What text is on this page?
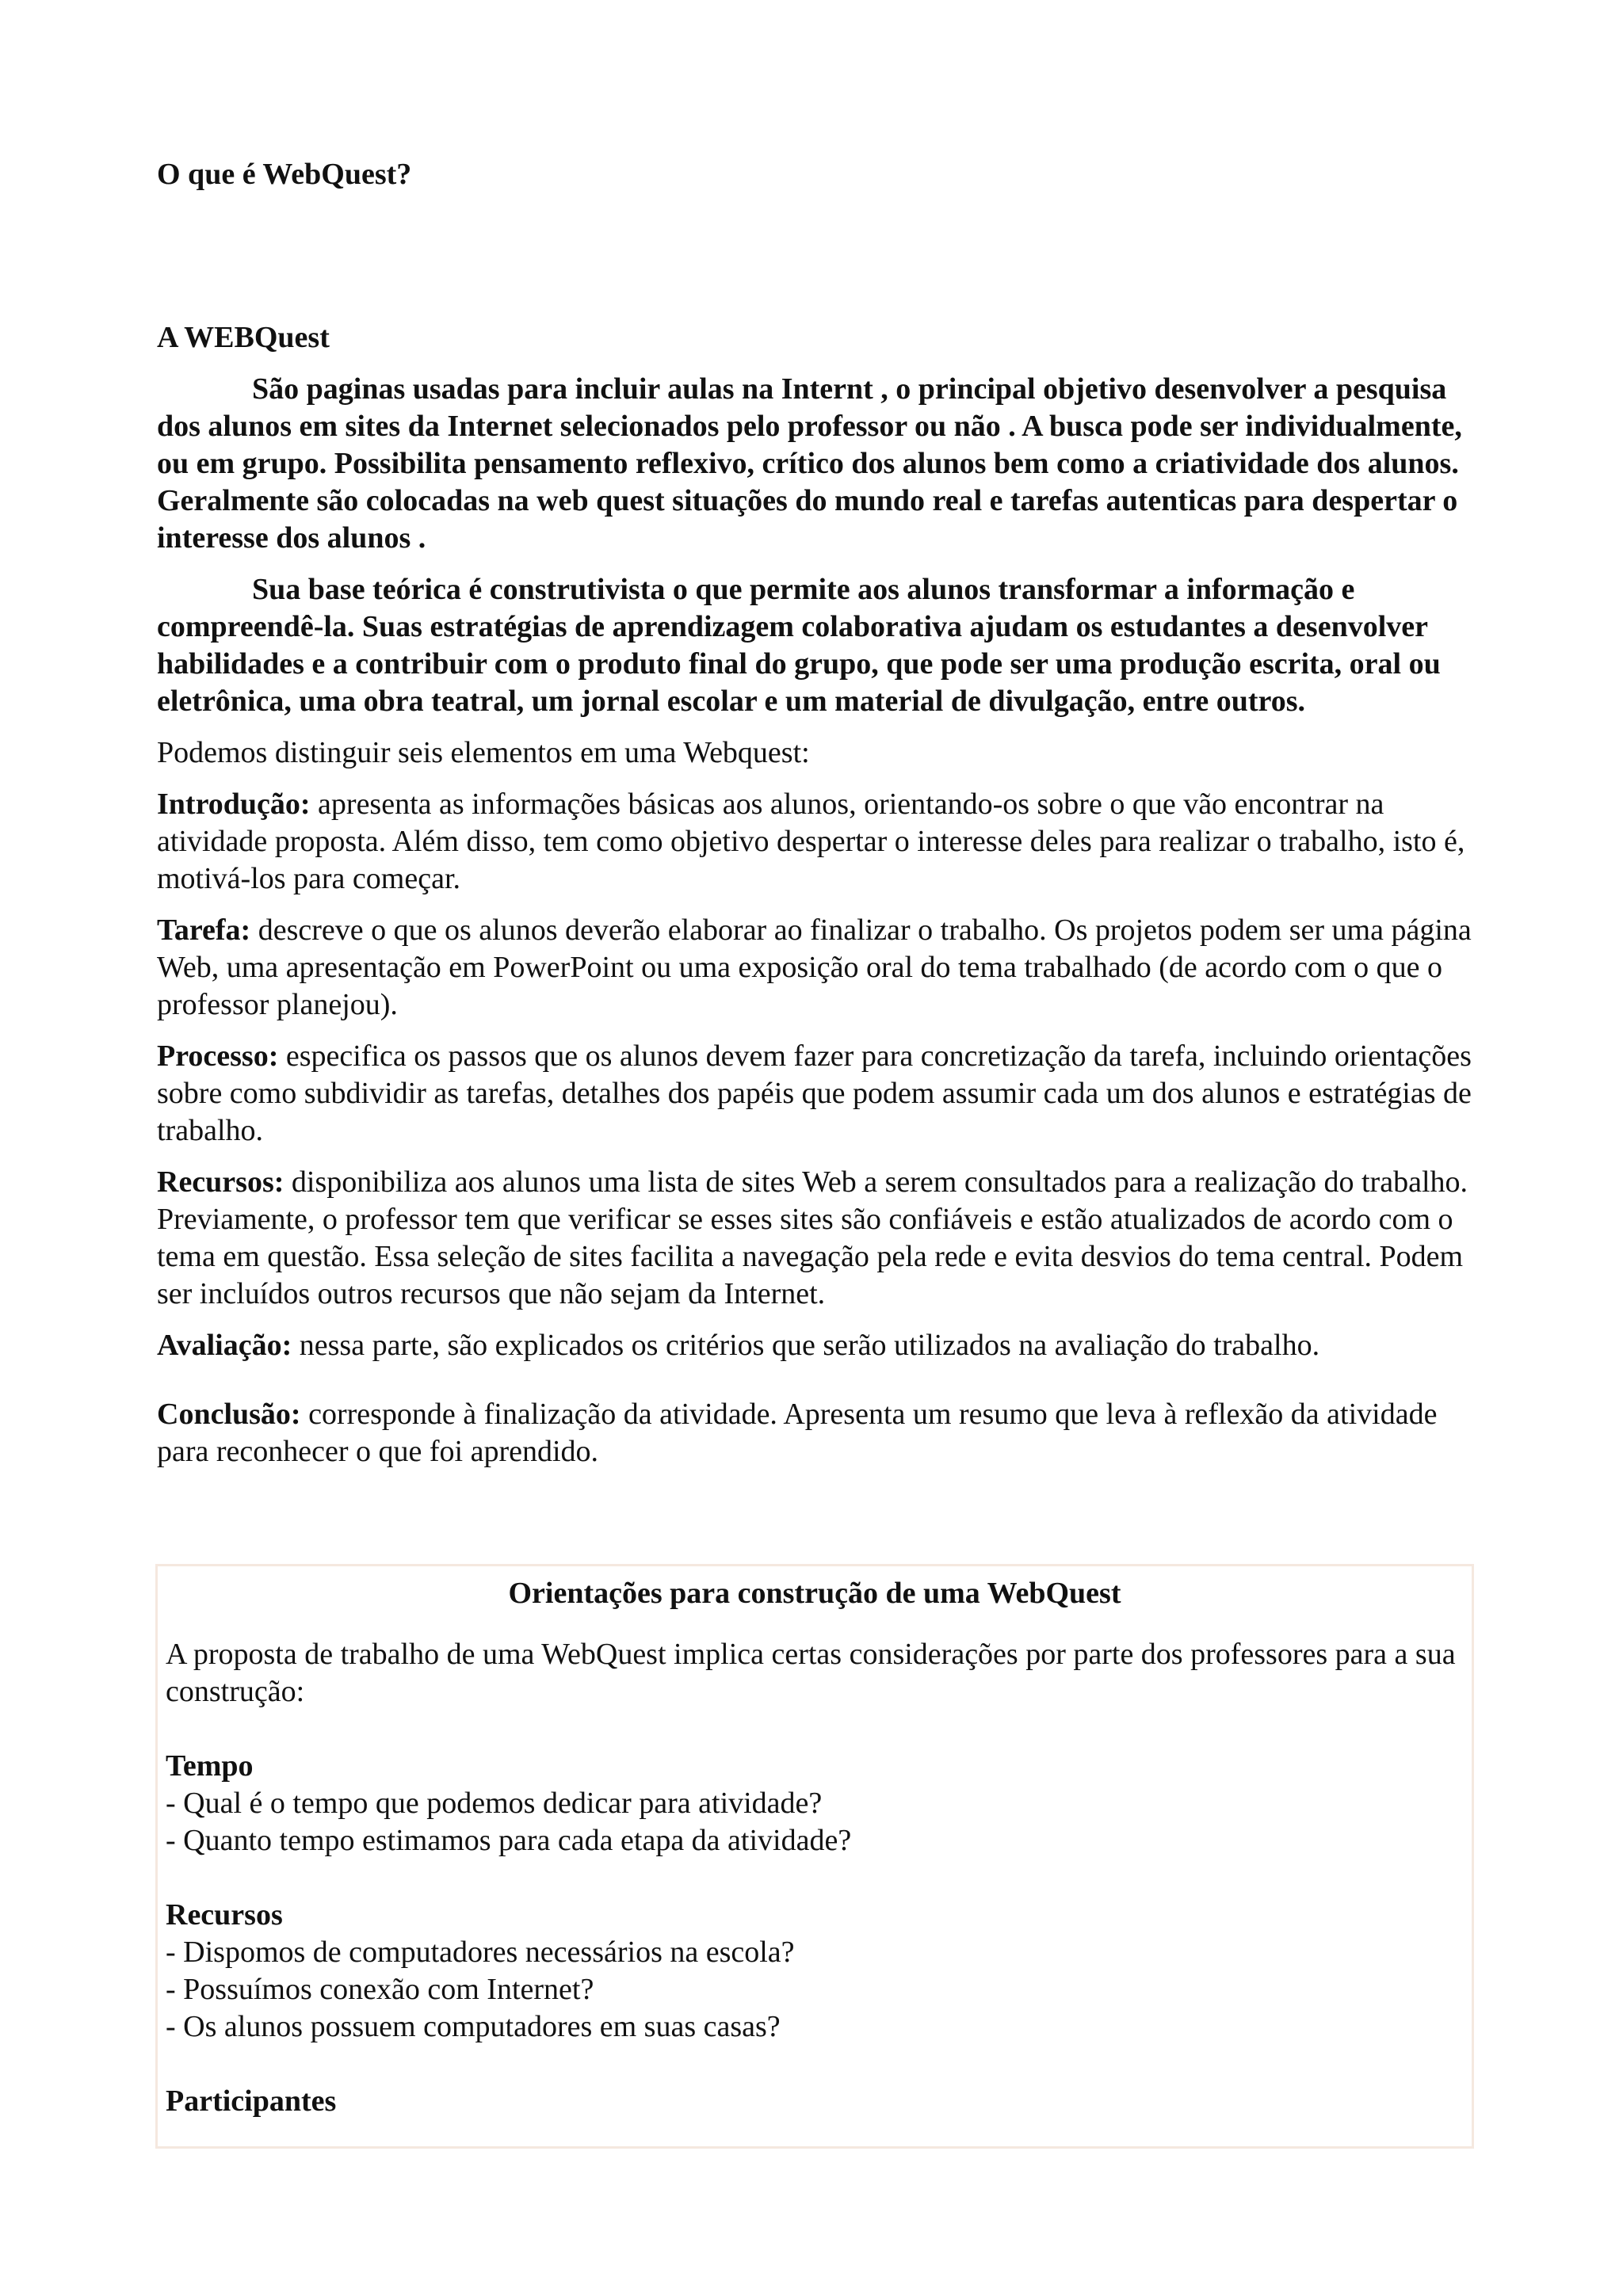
O que é WebQuest?
A WEBQuest

São paginas usadas para incluir aulas na Internt , o principal objetivo desenvolver a pesquisa dos alunos em sites da Internet selecionados pelo professor ou não . A busca pode ser individualmente, ou em grupo. Possibilita pensamento reflexivo, crítico dos alunos bem como a criatividade dos alunos. Geralmente são colocadas na web quest situações do mundo real e tarefas autenticas para despertar o interesse dos alunos .

Sua base teórica é construtivista o que permite aos alunos transformar a informação e compreendê-la. Suas estratégias de aprendizagem colaborativa ajudam os estudantes a desenvolver habilidades e a contribuir com o produto final do grupo, que pode ser uma produção escrita, oral ou eletrônica, uma obra teatral, um jornal escolar e um material de divulgação, entre outros.

Podemos distinguir seis elementos em uma Webquest:

Introdução: apresenta as informações básicas aos alunos, orientando-os sobre o que vão encontrar na atividade proposta. Além disso, tem como objetivo despertar o interesse deles para realizar o trabalho, isto é, motivá-los para começar.

Tarefa: descreve o que os alunos deverão elaborar ao finalizar o trabalho. Os projetos podem ser uma página Web, uma apresentação em PowerPoint ou uma exposição oral do tema trabalhado (de acordo com o que o professor planejou).

Processo: especifica os passos que os alunos devem fazer para concretização da tarefa, incluindo orientações sobre como subdividir as tarefas, detalhes dos papéis que podem assumir cada um dos alunos e estratégias de trabalho.

Recursos: disponibiliza aos alunos uma lista de sites Web a serem consultados para a realização do trabalho. Previamente, o professor tem que verificar se esses sites são confiáveis e estão atualizados de acordo com o tema em questão. Essa seleção de sites facilita a navegação pela rede e evita desvios do tema central. Podem ser incluídos outros recursos que não sejam da Internet.

Avaliação: nessa parte, são explicados os critérios que serão utilizados na avaliação do trabalho.

Conclusão: corresponde à finalização da atividade. Apresenta um resumo que leva à reflexão da atividade para reconhecer o que foi aprendido.

Orientações para construção de uma WebQuest

A proposta de trabalho de uma WebQuest implica certas considerações por parte dos professores para a sua construção:

Tempo

- Qual é o tempo que podemos dedicar para atividade?

- Quanto tempo estimamos para cada etapa da atividade?

Recursos

- Dispomos de computadores necessários na escola?

- Possuímos conexão com Internet?

- Os alunos possuem computadores em suas casas?

Participantes
